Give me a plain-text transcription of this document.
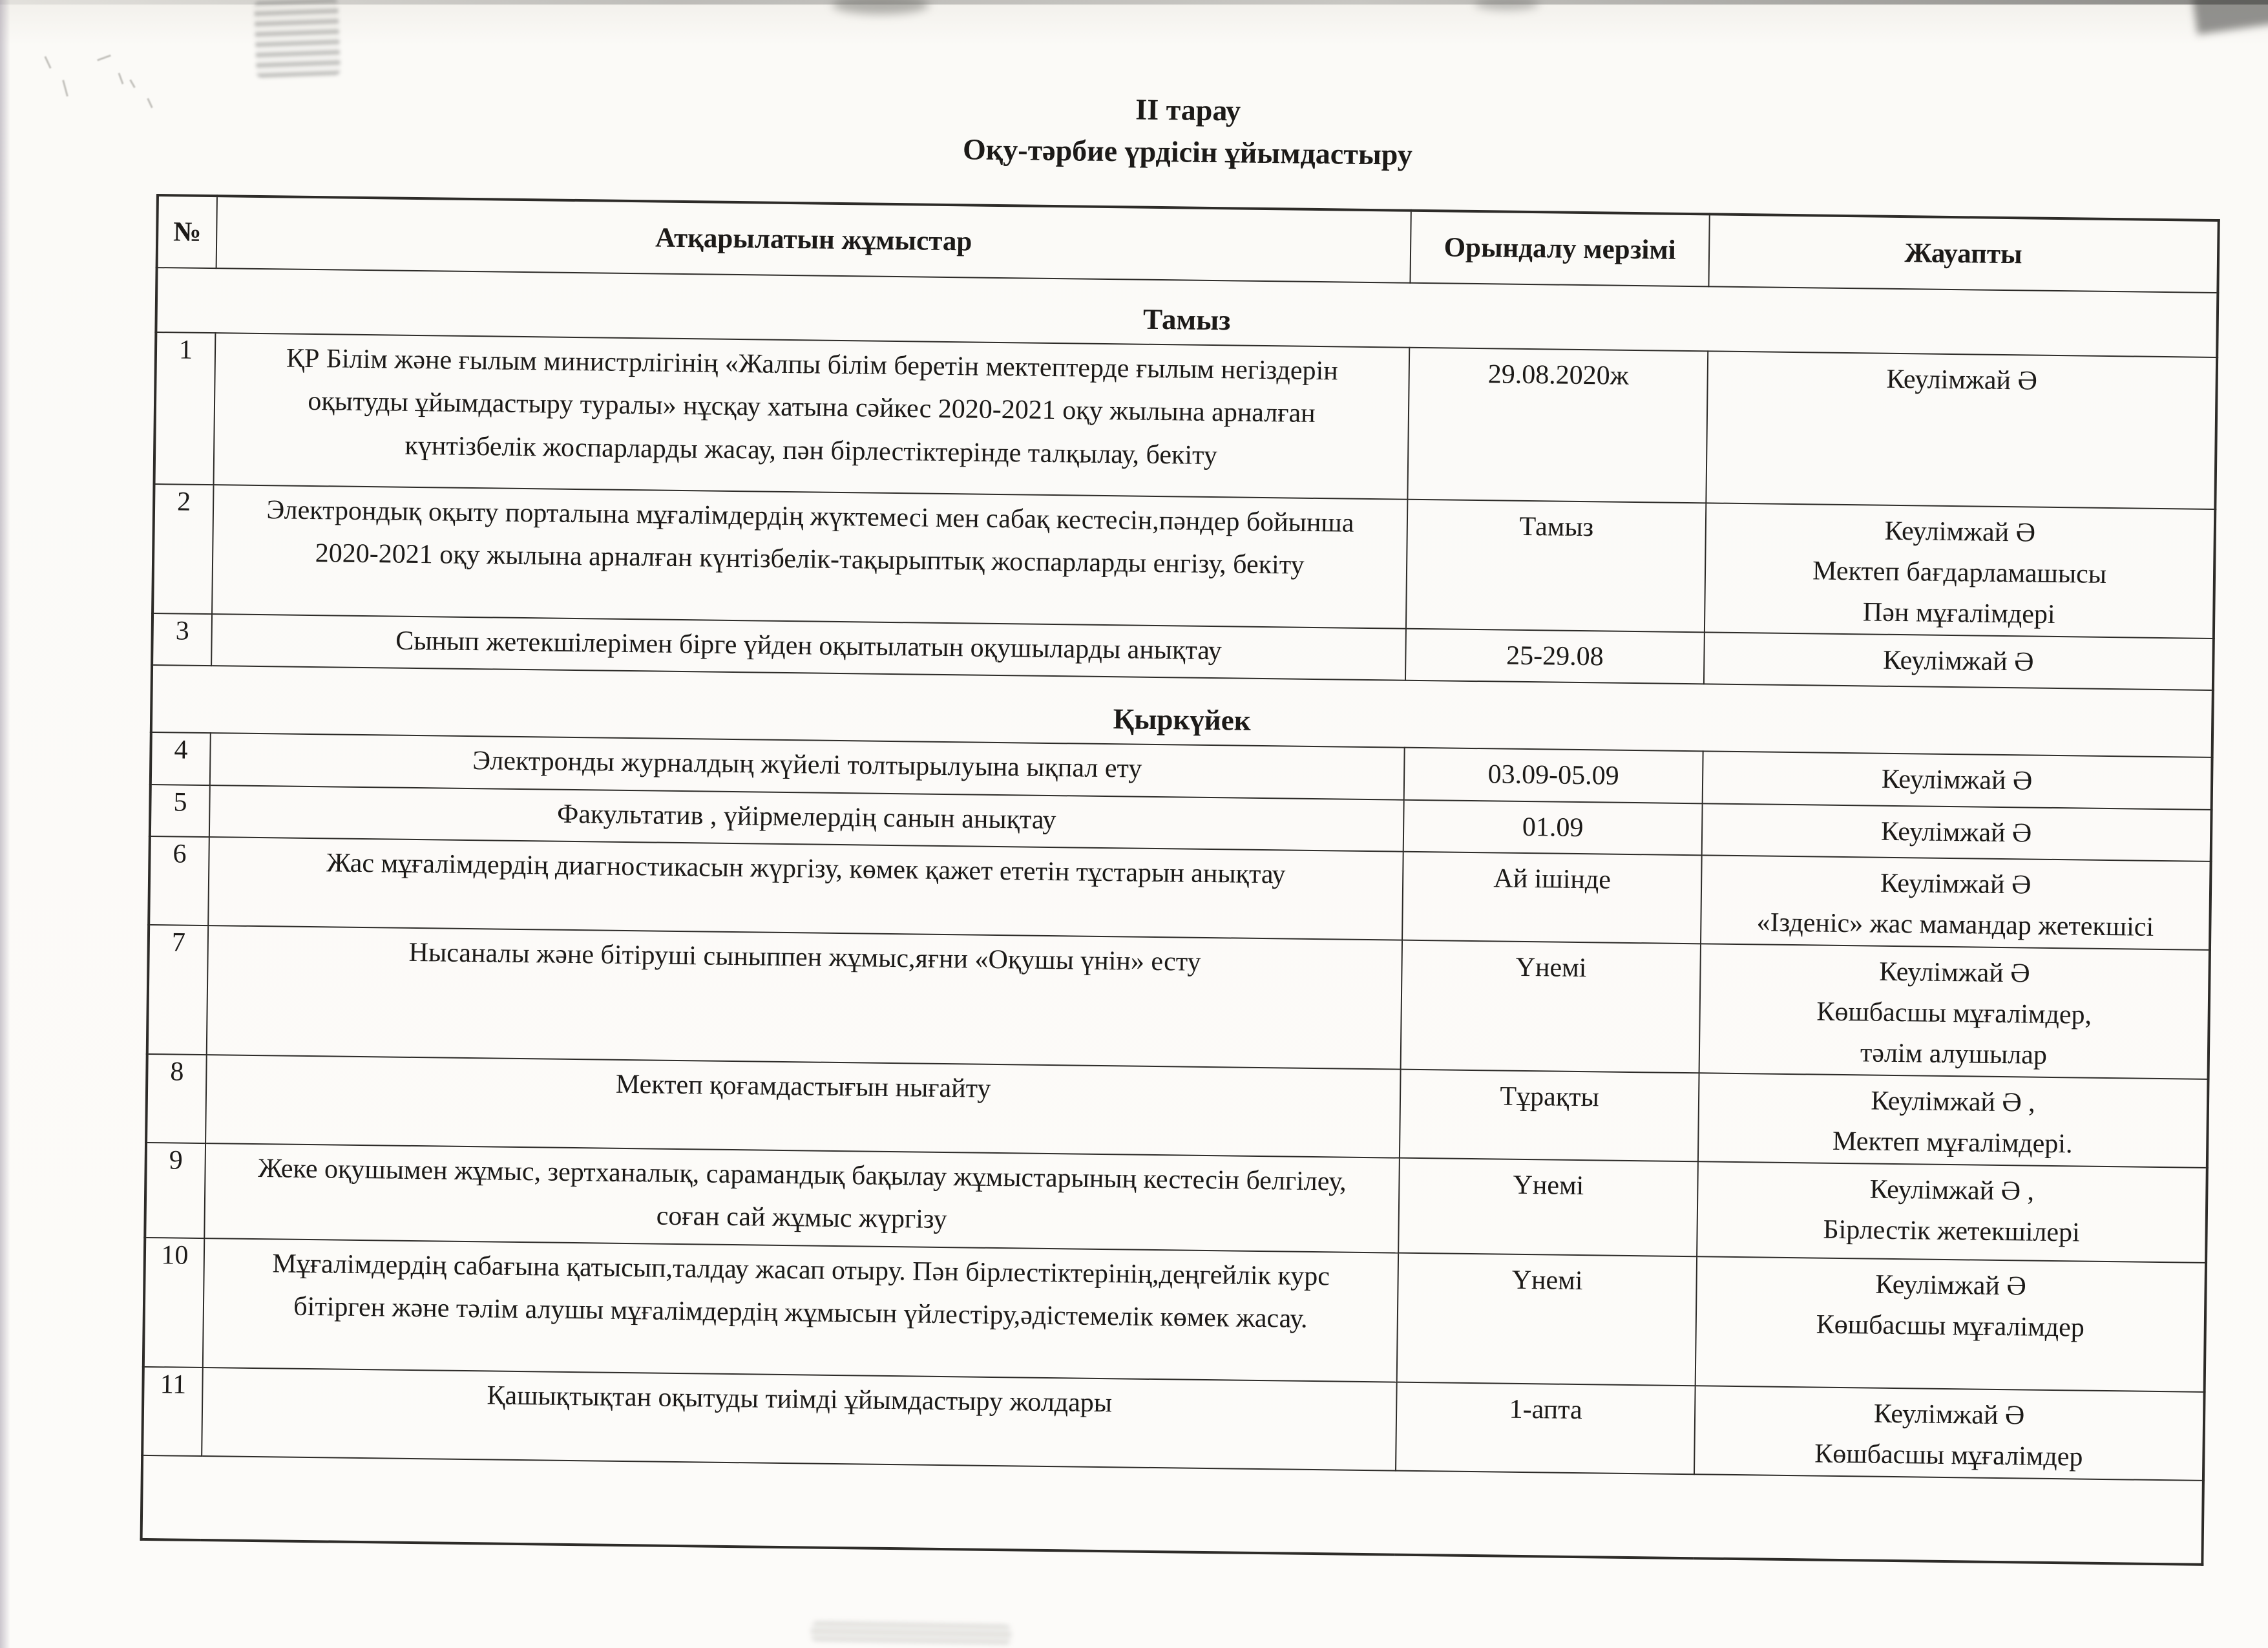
ІІ тарау
Оқу-тәрбие үрдісін ұйымдастыру
№	Атқарылатын жұмыстар	Орындалу мерзімі	Жауапты
Тамыз			
1	ҚР Білім және ғылым министрлігінің «Жалпы білім беретін мектептерде ғылым негіздерін оқытуды ұйымдастыру туралы» нұсқау хатына сәйкес 2020-2021 оқу жылына арналған күнтізбелік жоспарларды жасау, пән бірлестіктерінде талқылау, бекіту	29.08.2020ж	Кеулімжай Ә

2	Электрондық оқыту порталына мұғалімдердің жүктемесі мен сабақ кестесін,пәндер бойынша 2020-2021 оқу жылына арналған күнтізбелік-тақырыптық жоспарларды енгізу, бекіту	Тамыз	Кеулімжай Ә
Мектеп бағдарламашысы
Пән мұғалімдері

3	Сынып жетекшілерімен бірге үйден оқытылатын оқушыларды анықтау	25-29.08	Кеулімжай Ә

Қыркүйек			
4	Электронды журналдың жүйелі толтырылуына ықпал ету	03.09-05.09	Кеулімжай Ә

5	Факультатив , үйірмелердің санын анықтау	01.09	Кеулімжай Ә

6	Жас мұғалімдердің диагностикасын жүргізу, көмек қажет ететін тұстарын анықтау	Ай ішінде	Кеулімжай Ә
«Ізденіс» жас мамандар жетекшісі

7	Нысаналы және бітіруші сыныппен жұмыс,яғни «Оқушы үнін» есту	Үнемі	Кеулімжай Ә
Көшбасшы мұғалімдер,
тәлім алушылар

8	Мектеп қоғамдастығын нығайту	Тұрақты	Кеулімжай Ә ,
Мектеп мұғалімдері.

9	Жеке оқушымен жұмыс, зертханалық, сарамандық бақылау жұмыстарының кестесін белгілеу, соған сай жұмыс жүргізу	Үнемі	Кеулімжай Ә ,
Бірлестік жетекшілері

10	Мұғалімдердің сабағына қатысып,талдау жасап отыру. Пән бірлестіктерінің,деңгейлік курс бітірген және тәлім алушы мұғалімдердің жұмысын үйлестіру,әдістемелік көмек жасау.	Үнемі	Кеулімжай Ә
Көшбасшы мұғалімдер

11	Қашықтықтан оқытуды тиімді ұйымдастыру жолдары	1-апта	Кеулімжай Ә
Көшбасшы мұғалімдер
